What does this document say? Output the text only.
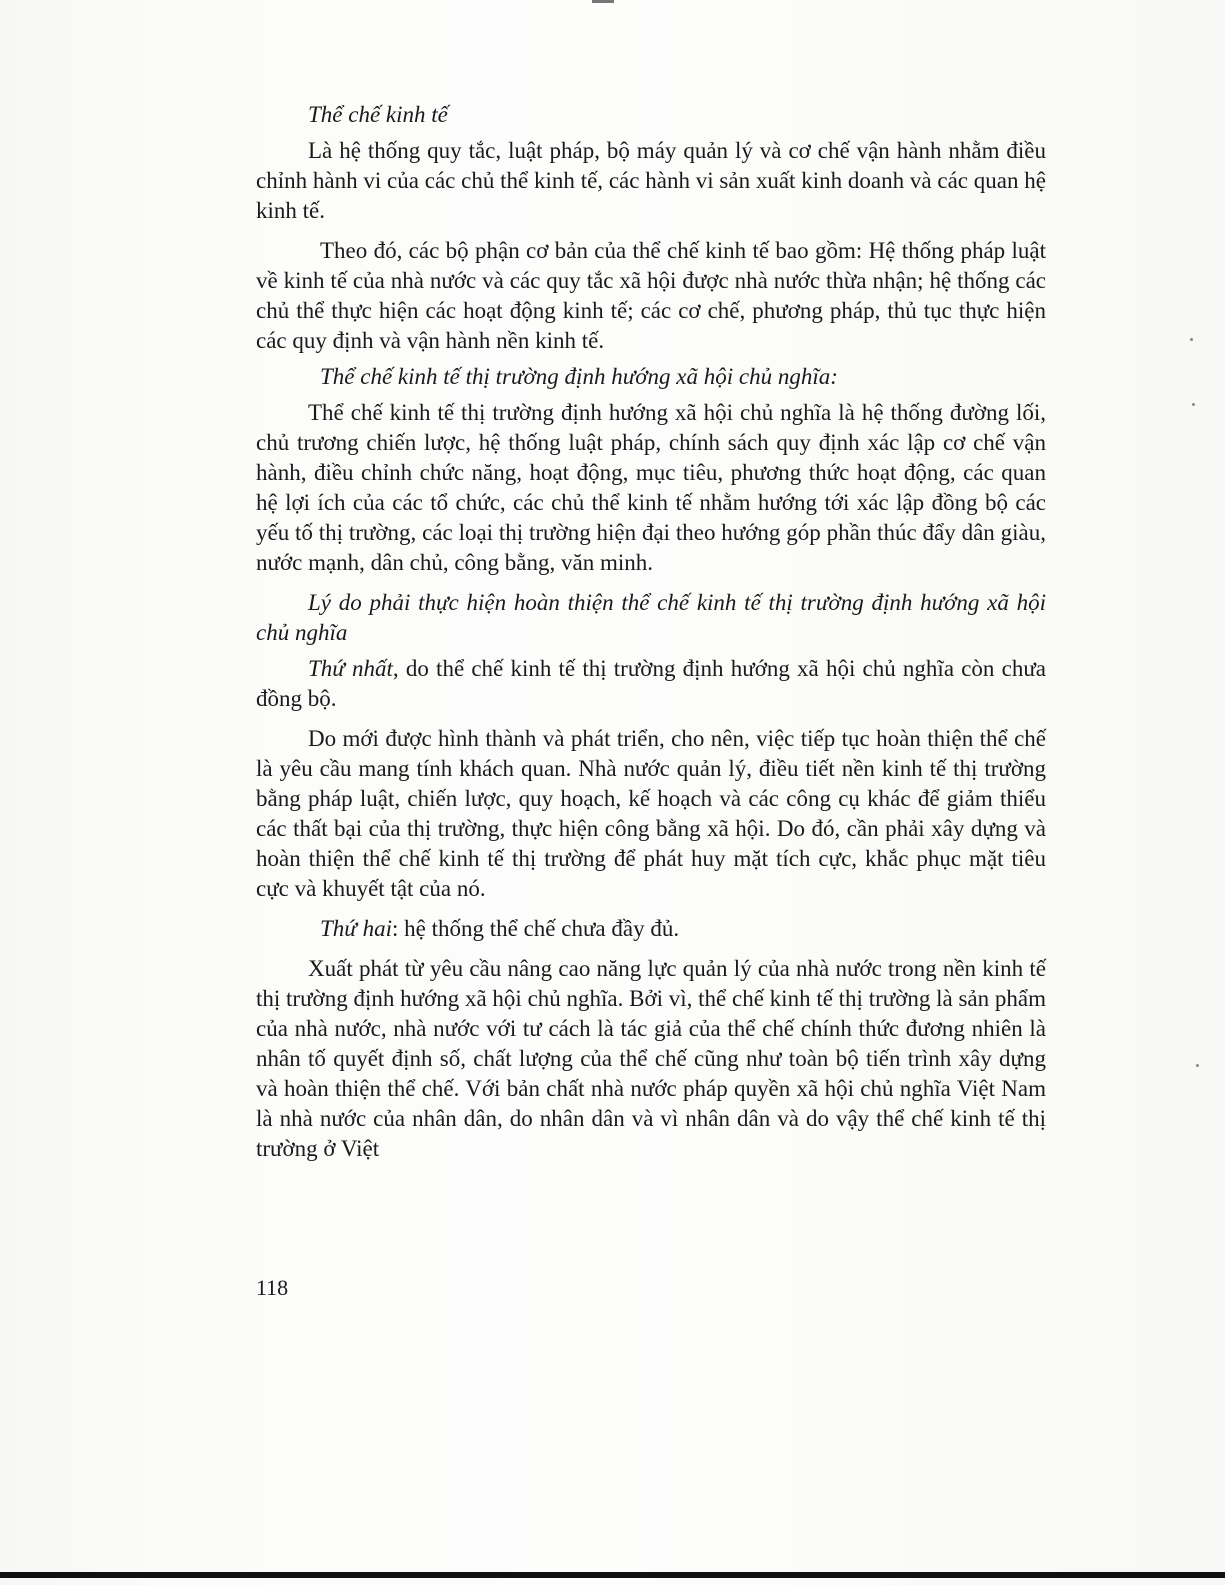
Thể chế kinh tế

Là hệ thống quy tắc, luật pháp, bộ máy quản lý và cơ chế vận hành nhằm điều chỉnh hành vi của các chủ thể kinh tế, các hành vi sản xuất kinh doanh và các quan hệ kinh tế.

Theo đó, các bộ phận cơ bản của thể chế kinh tế bao gồm: Hệ thống pháp luật về kinh tế của nhà nước và các quy tắc xã hội được nhà nước thừa nhận; hệ thống các chủ thể thực hiện các hoạt động kinh tế; các cơ chế, phương pháp, thủ tục thực hiện các quy định và vận hành nền kinh tế.

Thể chế kinh tế thị trường định hướng xã hội chủ nghĩa:

Thể chế kinh tế thị trường định hướng xã hội chủ nghĩa là hệ thống đường lối, chủ trương chiến lược, hệ thống luật pháp, chính sách quy định xác lập cơ chế vận hành, điều chỉnh chức năng, hoạt động, mục tiêu, phương thức hoạt động, các quan hệ lợi ích của các tổ chức, các chủ thể kinh tế nhằm hướng tới xác lập đồng bộ các yếu tố thị trường, các loại thị trường hiện đại theo hướng góp phần thúc đẩy dân giàu, nước mạnh, dân chủ, công bằng, văn minh.

Lý do phải thực hiện hoàn thiện thể chế kinh tế thị trường định hướng xã hội chủ nghĩa

Thứ nhất, do thể chế kinh tế thị trường định hướng xã hội chủ nghĩa còn chưa đồng bộ.

Do mới được hình thành và phát triển, cho nên, việc tiếp tục hoàn thiện thể chế là yêu cầu mang tính khách quan. Nhà nước quản lý, điều tiết nền kinh tế thị trường bằng pháp luật, chiến lược, quy hoạch, kế hoạch và các công cụ khác để giảm thiểu các thất bại của thị trường, thực hiện công bằng xã hội. Do đó, cần phải xây dựng và hoàn thiện thể chế kinh tế thị trường để phát huy mặt tích cực, khắc phục mặt tiêu cực và khuyết tật của nó.

Thứ hai: hệ thống thể chế chưa đầy đủ.

Xuất phát từ yêu cầu nâng cao năng lực quản lý của nhà nước trong nền kinh tế thị trường định hướng xã hội chủ nghĩa. Bởi vì, thể chế kinh tế thị trường là sản phẩm của nhà nước, nhà nước với tư cách là tác giả của thể chế chính thức đương nhiên là nhân tố quyết định số, chất lượng của thể chế cũng như toàn bộ tiến trình xây dựng và hoàn thiện thể chế. Với bản chất nhà nước pháp quyền xã hội chủ nghĩa Việt Nam là nhà nước của nhân dân, do nhân dân và vì nhân dân và do vậy thể chế kinh tế thị trường ở Việt

118
